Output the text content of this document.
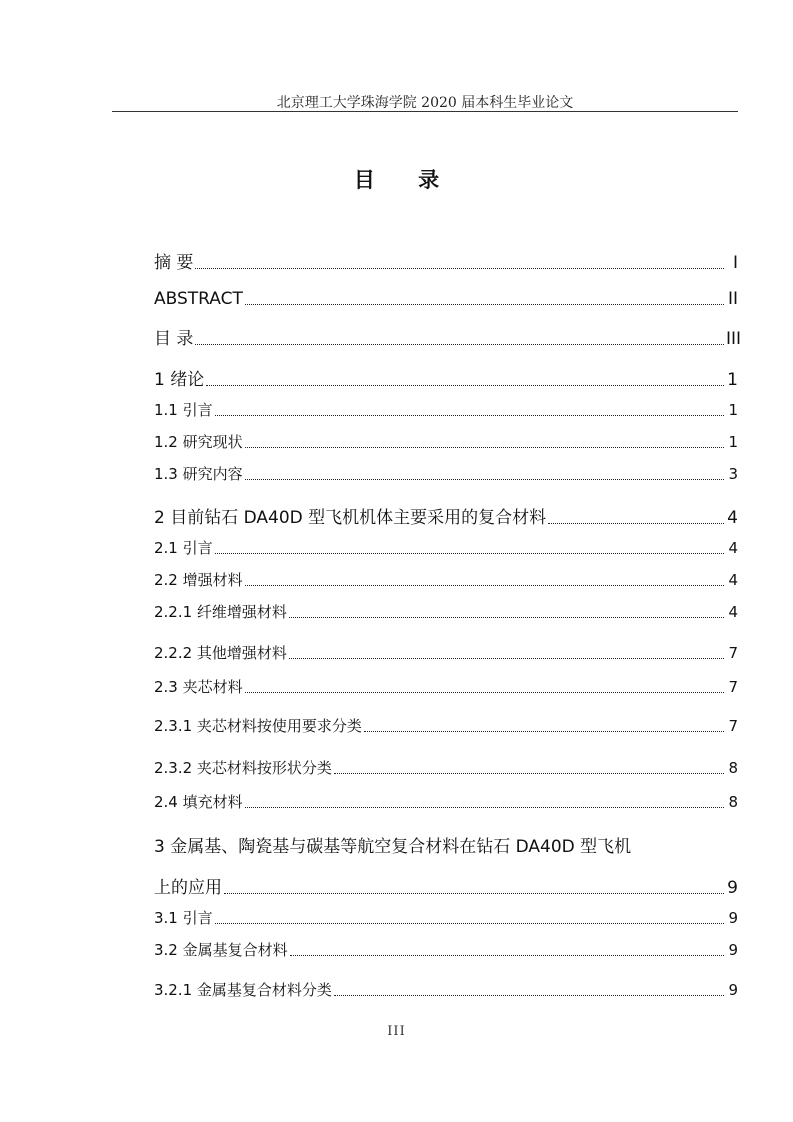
北京理工大学珠海学院 2020 届本科生毕业论文
目 录
摘 要	I
ABSTRACT	II
目 录	III
1 绪论	1
1.1 引言	1
1.2 研究现状	1
1.3 研究内容	3
2 目前钻石 DA40D 型飞机机体主要采用的复合材料	4
2.1 引言	4
2.2 增强材料	4
2.2.1 纤维增强材料	4
2.2.2 其他增强材料	7
2.3 夹芯材料	7
2.3.1 夹芯材料按使用要求分类	7
2.3.2 夹芯材料按形状分类	8
2.4 填充材料	8
3 金属基、陶瓷基与碳基等航空复合材料在钻石 DA40D 型飞机
上的应用	9
3.1 引言	9
3.2 金属基复合材料	9
3.2.1 金属基复合材料分类	9
III
